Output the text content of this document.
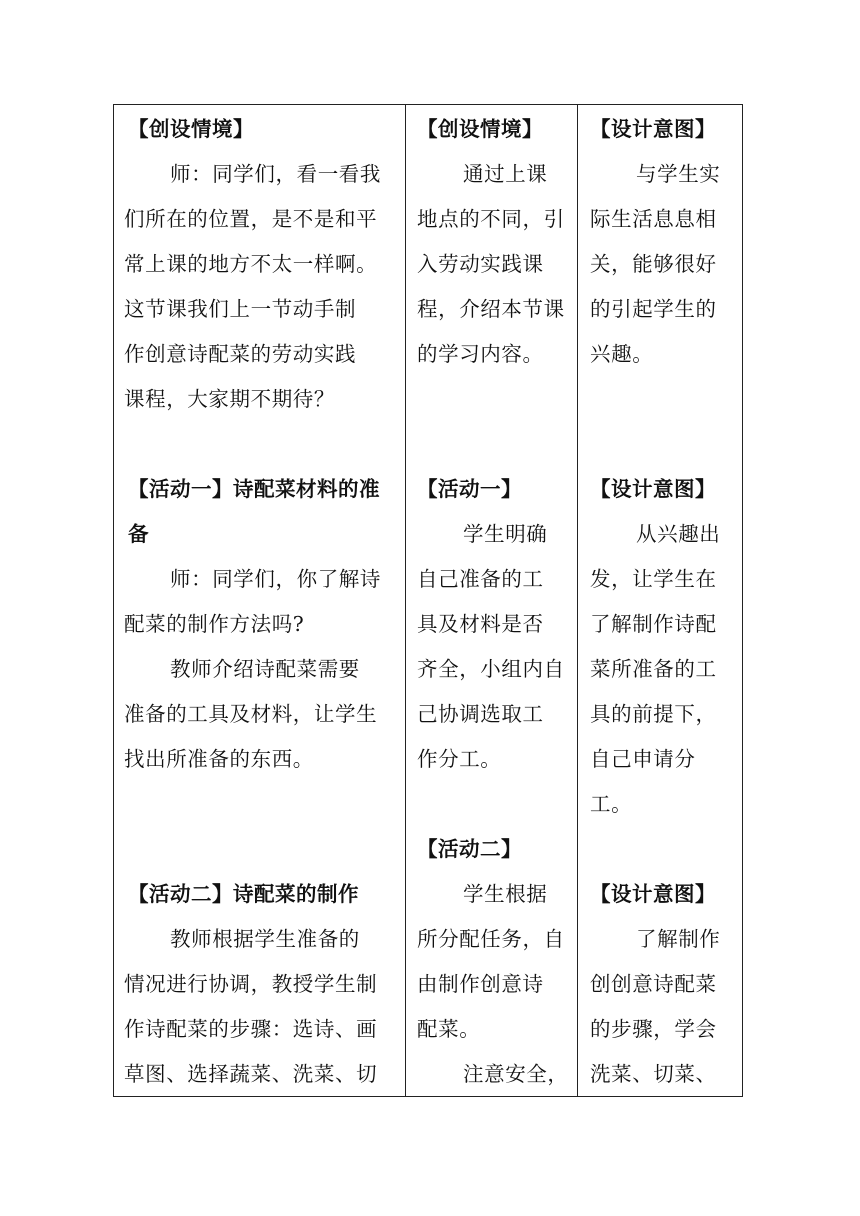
【创设情境】
师：同学们，看一看我
们所在的位置，是不是和平
常上课的地方不太一样啊。
这节课我们上一节动手制
作创意诗配菜的劳动实践
课程，大家期不期待？
【活动一】诗配菜材料的准
备
师：同学们，你了解诗
配菜的制作方法吗?
教师介绍诗配菜需要
准备的工具及材料，让学生
找出所准备的东西。
【活动二】诗配菜的制作
教师根据学生准备的
情况进行协调，教授学生制
作诗配菜的步骤：选诗、画
草图、选择蔬菜、洗菜、切
【创设情境】
通过上课
地点的不同，引
入劳动实践课
程，介绍本节课
的学习内容。
【活动一】
学生明确
自己准备的工
具及材料是否
齐全，小组内自
己协调选取工
作分工。
【活动二】
学生根据
所分配任务，自
由制作创意诗
配菜。
注意安全，
【设计意图】
与学生实
际生活息息相
关，能够很好
的引起学生的
兴趣。
【设计意图】
从兴趣出
发，让学生在
了解制作诗配
菜所准备的工
具的前提下，
自己申请分
工。
【设计意图】
了解制作
创创意诗配菜
的步骤，学会
洗菜、切菜、
